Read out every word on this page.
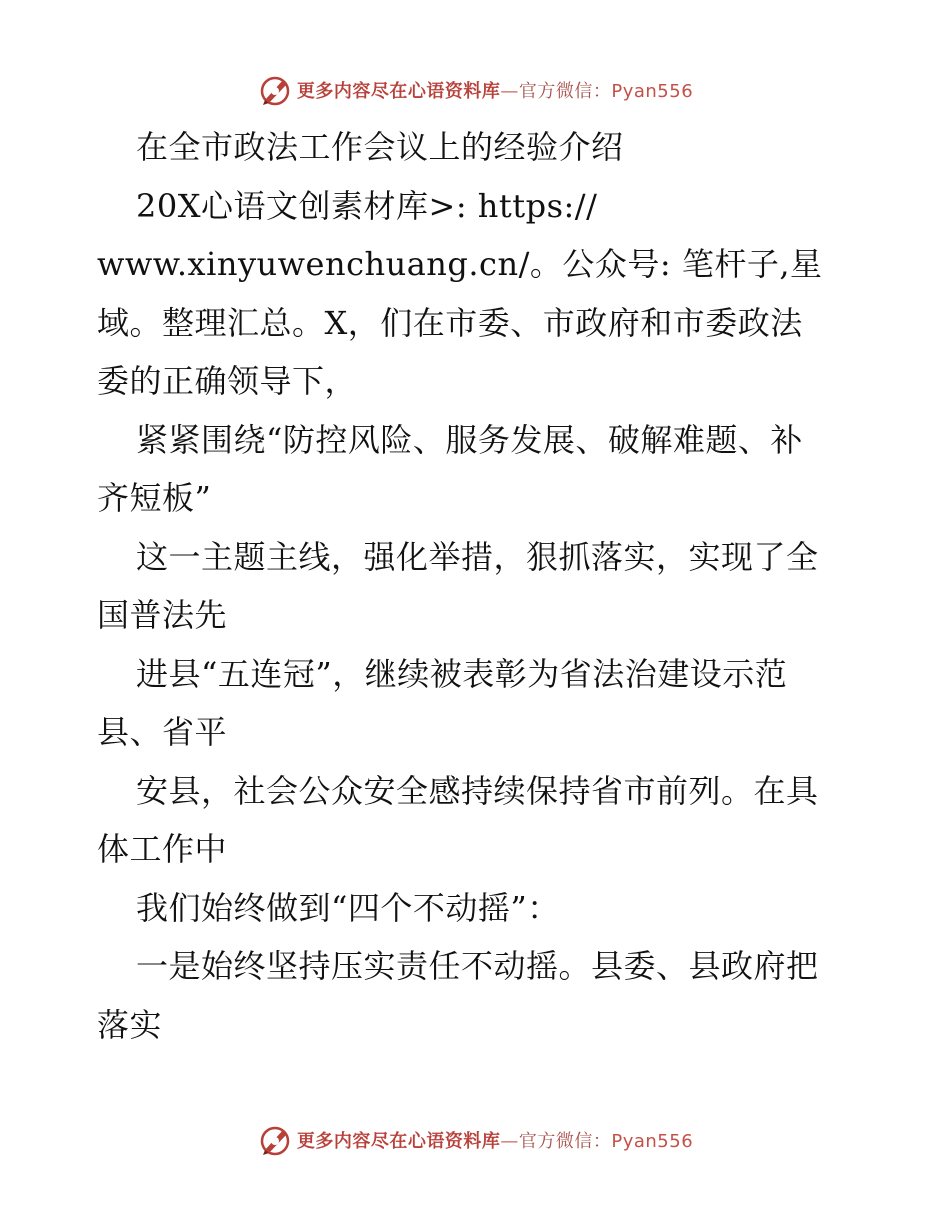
更多内容尽在心语资料库—官方微信：Pyan556
在全市政法工作会议上的经验介绍
20X心语文创素材库>: https://
www.xinyuwenchuang.cn/。公众号: 笔杆子,星
域。整理汇总。X，们在市委、市政府和市委政法
委的正确领导下，
紧紧围绕“防控风险、服务发展、破解难题、补
齐短板”
这一主题主线，强化举措，狠抓落实，实现了全
国普法先
进县“五连冠”，继续被表彰为省法治建设示范
县、省平
安县，社会公众安全感持续保持省市前列。在具
体工作中
我们始终做到“四个不动摇”：
一是始终坚持压实责任不动摇。县委、县政府把
落实
更多内容尽在心语资料库—官方微信：Pyan556
